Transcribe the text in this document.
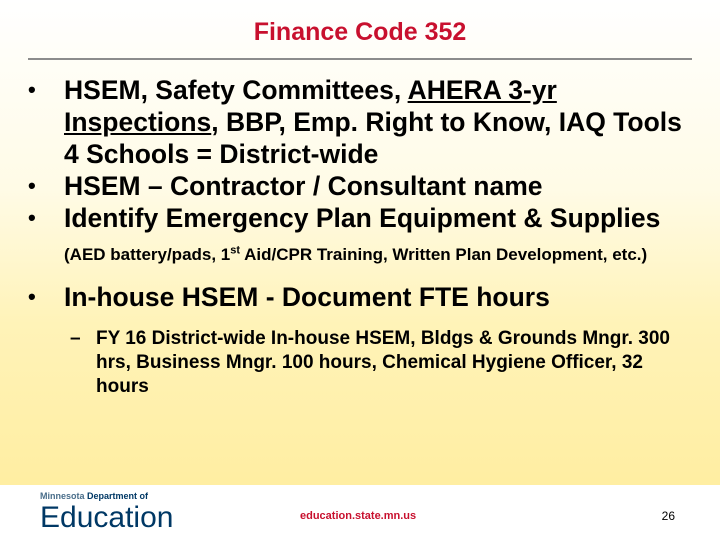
Finance Code 352
•	HSEM, Safety Committees, AHERA 3-yr Inspections, BBP, Emp. Right to Know, IAQ Tools 4 Schools = District-wide
•	HSEM – Contractor / Consultant name
•	Identify Emergency Plan Equipment & Supplies (AED battery/pads, 1st Aid/CPR Training, Written Plan Development, etc.)
•	In-house HSEM - Document FTE hours
– FY 16 District-wide In-house HSEM, Bldgs & Grounds Mngr. 300 hrs, Business Mngr. 100 hours, Chemical Hygiene Officer, 32 hours
Minnesota Department of
Education	education.state.mn.us	26
